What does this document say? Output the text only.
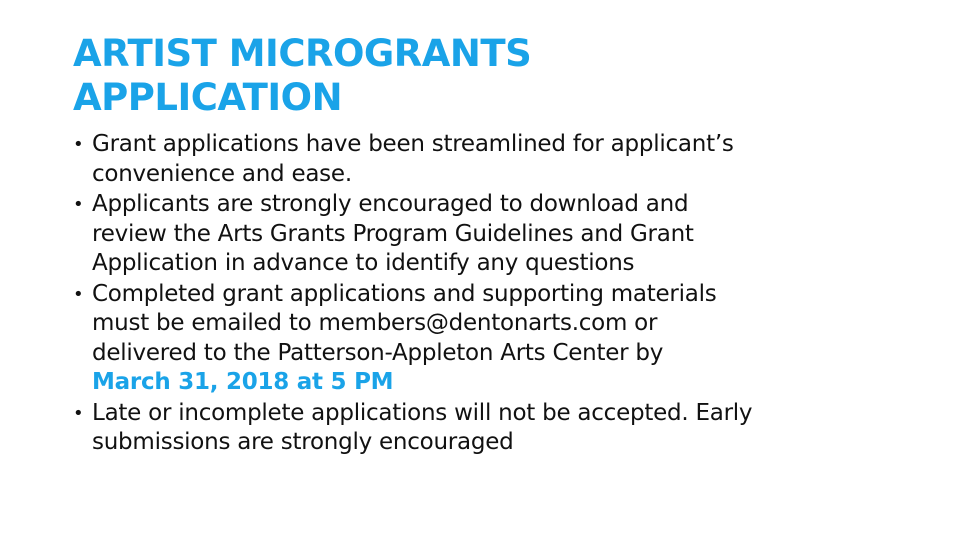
ARTIST MICROGRANTS
APPLICATION
• Grant applications have been streamlined for applicant’s
convenience and ease.
• Applicants are strongly encouraged to download and
review the Arts Grants Program Guidelines and Grant
Application in advance to identify any questions
• Completed grant applications and supporting materials
must be emailed to members@dentonarts.com or
delivered to the Patterson-Appleton Arts Center by
March 31, 2018 at 5 PM
• Late or incomplete applications will not be accepted. Early
submissions are strongly encouraged
